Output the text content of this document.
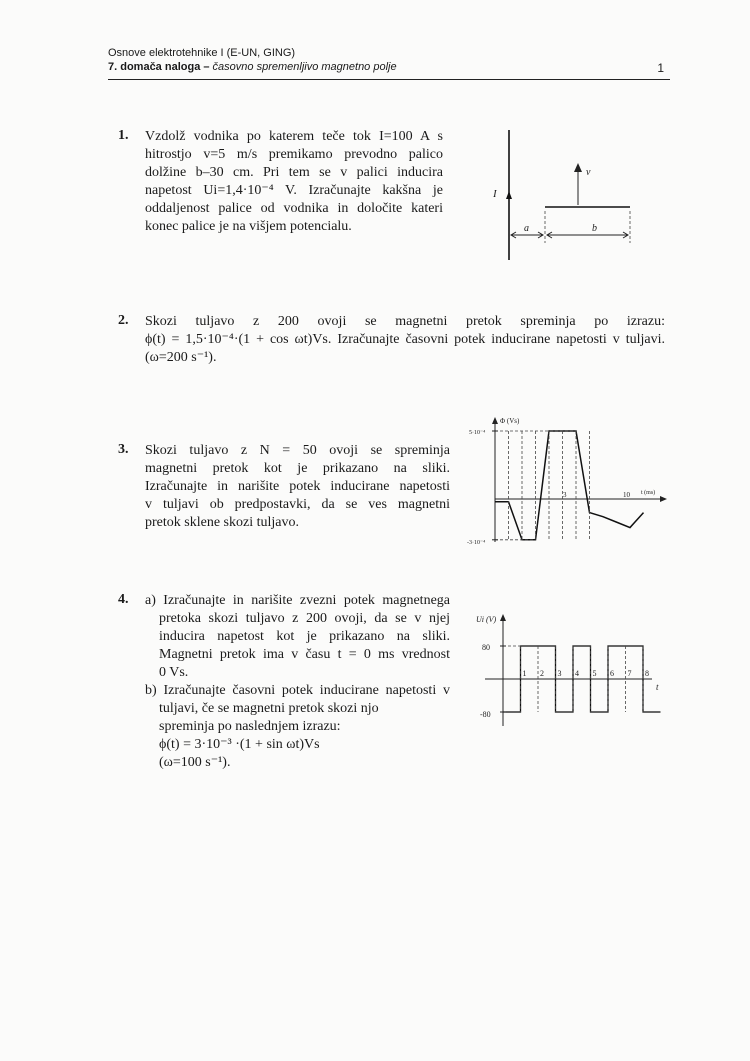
Osnove elektrotehnike I (E-UN, GING)
7. domača naloga – časovno spremenljivo magnetno polje	1
1. Vzdolž vodnika po katerem teče tok I=100 A s

hitrostjo v=5 m/s premikamo prevodno palico

dolžine b–30 cm. Pri tem se v palici inducira

napetost Ui=1,4·10⁻⁴ V. Izračunajte kakšna je

oddaljenost palice od vodnika in določite kateri

konec palice je na višjem potencialu.

I
v
a	b
2. Skozi tuljavo z 200 ovoji se magnetni pretok spreminja po izrazu:

ϕ(t) = 1,5·10⁻⁴·(1 + cos ωt)Vs. Izračunajte časovni potek inducirane napetosti v tuljavi.

(ω=200 s⁻¹).

3. Skozi tuljavo z N = 50 ovoji se spreminja

magnetni pretok kot je prikazano na sliki.

Izračunajte in narišite potek inducirane napetosti

v tuljavi ob predpostavki, da se ves magnetni

pretok sklene skozi tuljavo.

Φ (Vs)
t (ms)
5·10⁻⁴
-3·10⁻⁴
3	10
4. a) Izračunajte in narišite zvezni potek magnetnega

pretoka skozi tuljavo z 200 ovoji, da se v njej

inducira napetost kot je prikazano na sliki.

Magnetni pretok ima v času t = 0 ms vrednost

0 Vs.

b) Izračunajte časovni potek inducirane napetosti v

tuljavi, če se magnetni pretok skozi njo

spreminja po naslednjem izrazu:

ϕ(t) = 3·10⁻³ ·(1 + sin ωt)Vs

(ω=100 s⁻¹).

Ui (V)
t
80
-80
1 2 3 4 5 6 7 8
